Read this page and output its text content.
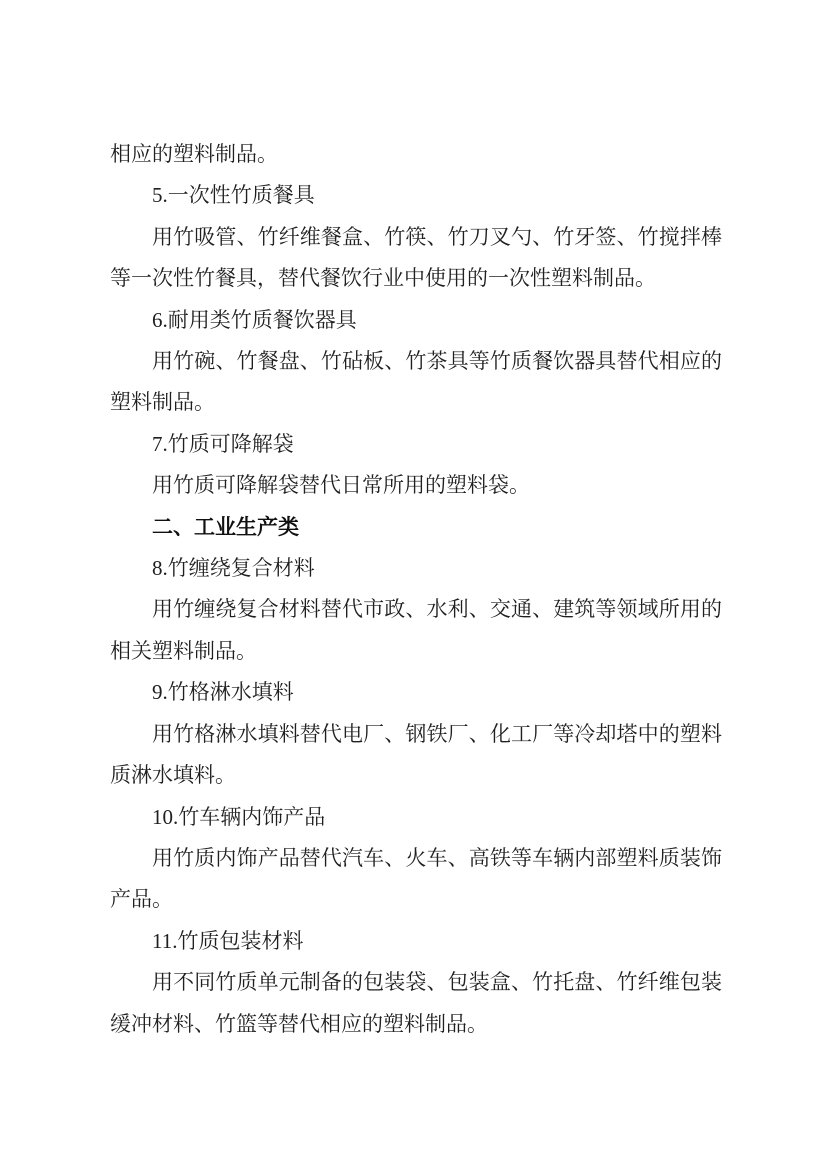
相应的塑料制品。

5.一次性竹质餐具

用竹吸管、竹纤维餐盒、竹筷、竹刀叉勺、竹牙签、竹搅拌棒等一次性竹餐具，替代餐饮行业中使用的一次性塑料制品。

6.耐用类竹质餐饮器具

用竹碗、竹餐盘、竹砧板、竹茶具等竹质餐饮器具替代相应的塑料制品。

7.竹质可降解袋

用竹质可降解袋替代日常所用的塑料袋。

二、工业生产类

8.竹缠绕复合材料

用竹缠绕复合材料替代市政、水利、交通、建筑等领域所用的相关塑料制品。

9.竹格淋水填料

用竹格淋水填料替代电厂、钢铁厂、化工厂等冷却塔中的塑料质淋水填料。

10.竹车辆内饰产品

用竹质内饰产品替代汽车、火车、高铁等车辆内部塑料质装饰产品。

11.竹质包装材料

用不同竹质单元制备的包装袋、包装盒、竹托盘、竹纤维包装缓冲材料、竹篮等替代相应的塑料制品。
